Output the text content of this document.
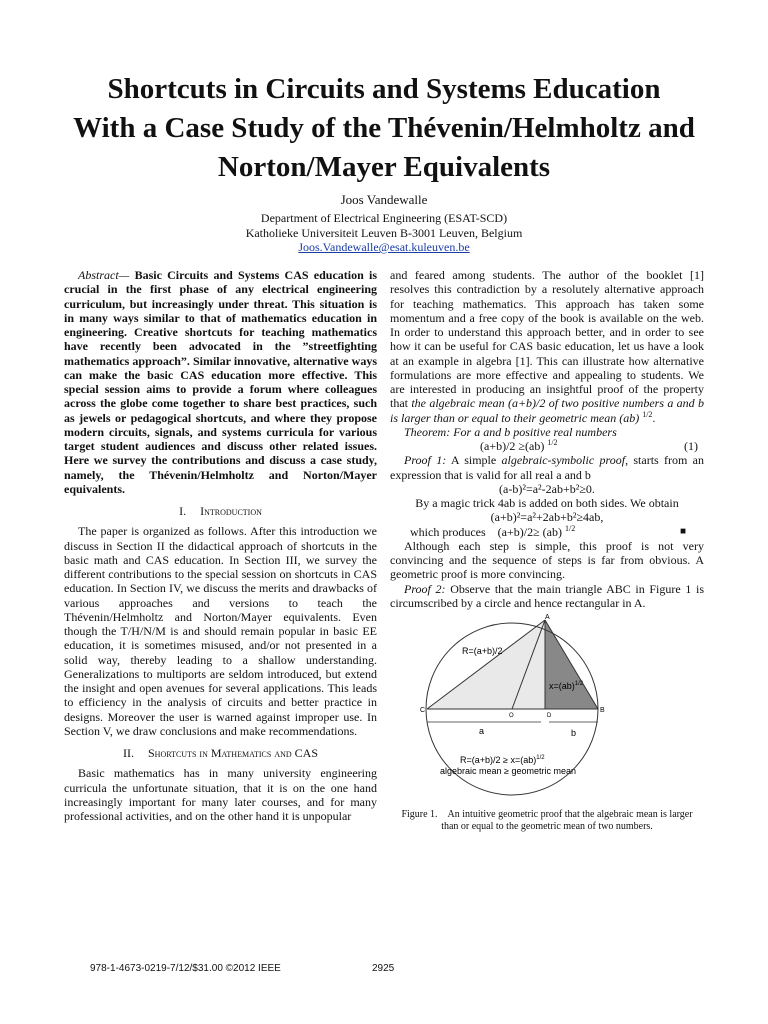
Shortcuts in Circuits and Systems Education
With a Case Study of the Thévenin/Helmholtz and
Norton/Mayer Equivalents
Joos Vandewalle
Department of Electrical Engineering (ESAT-SCD)
Katholieke Universiteit Leuven B-3001 Leuven, Belgium
Joos.Vandewalle@esat.kuleuven.be

Abstract— Basic Circuits and Systems CAS education is crucial in the first phase of any electrical engineering curriculum, but increasingly under threat. This situation is in many ways similar to that of mathematics education in engineering. Creative shortcuts for teaching mathematics have recently been advocated in the ”streetfighting mathematics approach”. Similar innovative, alternative ways can make the basic CAS education more effective. This special session aims to provide a forum where colleagues across the globe come together to share best practices, such as jewels or pedagogical shortcuts, and where they propose modern circuits, signals, and systems curricula for various target student audiences and discuss other related issues. Here we survey the contributions and discuss a case study, namely, the Thévenin/Helmholtz and Norton/Mayer equivalents.

I. Introduction

The paper is organized as follows. After this introduction we discuss in Section II the didactical approach of shortcuts in the basic math and CAS education. In Section III, we survey the different contributions to the special session on shortcuts in CAS education. In Section IV, we discuss the merits and drawbacks of various approaches and versions to teach the Thévenin/Helmholtz and Norton/Mayer equivalents. Even though the T/H/N/M is and should remain popular in basic EE education, it is sometimes misused, and/or not presented in a solid way, thereby leading to a shallow understanding. Generalizations to multiports are seldom introduced, but extend the insight and open avenues for several applications. This leads to efficiency in the analysis of circuits and better practice in designs. Moreover the user is warned against improper use. In Section V, we draw conclusions and make recommendations.

II. Shortcuts in Mathematics and CAS

Basic mathematics has in many university engineering curricula the unfortunate situation, that it is on the one hand increasingly important for many later courses, and for many professional activities, and on the other hand it is unpopular

and feared among students. The author of the booklet [1] resolves this contradiction by a resolutely alternative approach for teaching mathematics. This approach has taken some momentum and a free copy of the book is available on the web. In order to understand this approach better, and in order to see how it can be useful for CAS basic education, let us have a look at an example in algebra [1]. This can illustrate how alternative formulations are more effective and appealing to students. We are interested in producing an insightful proof of the property that the algebraic mean (a+b)/2 of two positive numbers a and b is larger than or equal to their geometric mean (ab) $^{1/2}$.

Theorem: For a and b positive real numbers

(a+b)/2 ≥(ab) $^{1/2}$	(1)

Proof 1: A simple algebraic-symbolic proof, starts from an expression that is valid for all real a and b

(a-b)²=a²-2ab+b²≥0.

By a magic trick 4ab is added on both sides. We obtain

(a+b)²=a²+2ab+b²≥4ab,

which produces (a+b)/2≥ (ab) $^{1/2}$	■

Although each step is simple, this proof is not very convincing and the sequence of steps is far from obvious. A geometric proof is more convincing.

Proof 2: Observe that the main triangle ABC in Figure 1 is circumscribed by a circle and hence rectangular in A.

A
B
C
D
O
R=(a+b)/2
x=(ab)$^{1/2}$
a	b
R=(a+b)/2 ≥ x=(ab)$^{1/2}$
algebraic mean ≥ geometric mean

Figure 1. An intuitive geometric proof that the algebraic mean is larger than or equal to the geometric mean of two numbers.

978-1-4673-0219-7/12/$31.00 ©2012 IEEE	2925
